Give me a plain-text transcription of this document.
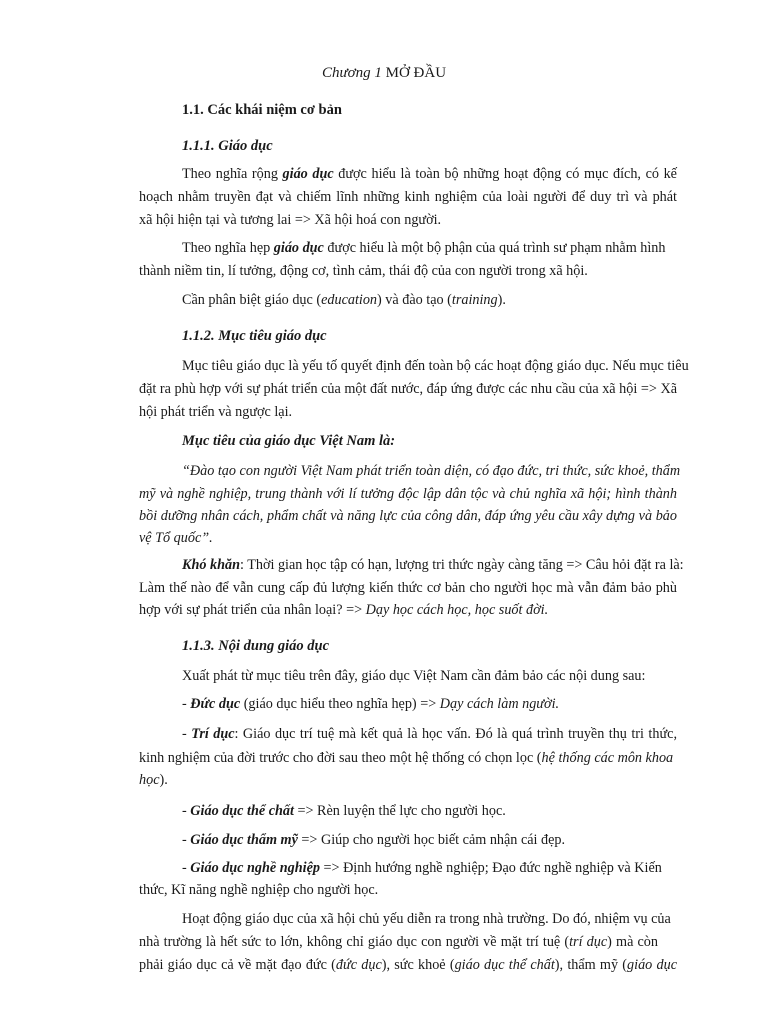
Chương 1 MỞ ĐẦU
1.1. Các khái niệm cơ bản
1.1.1. Giáo dục
Theo nghĩa rộng giáo dục được hiểu là toàn bộ những hoạt động có mục đích, có kế
hoạch nhằm truyền đạt và chiếm lĩnh những kinh nghiệm của loài người để duy trì và phát
xã hội hiện tại và tương lai => Xã hội hoá con người.
Theo nghĩa hẹp giáo dục được hiểu là một bộ phận của quá trình sư phạm nhằm hình
thành niềm tin, lí tưởng, động cơ, tình cảm, thái độ của con người trong xã hội.
Cần phân biệt giáo dục (education) và đào tạo (training).
1.1.2. Mục tiêu giáo dục
Mục tiêu giáo dục là yếu tố quyết định đến toàn bộ các hoạt động giáo dục. Nếu mục tiêu
đặt ra phù hợp với sự phát triển của một đất nước, đáp ứng được các nhu cầu của xã hội => Xã
hội phát triển và ngược lại.
Mục tiêu của giáo dục Việt Nam là:
“Đào tạo con người Việt Nam phát triển toàn diện, có đạo đức, tri thức, sức khoẻ, thẩm
mỹ và nghề nghiệp, trung thành với lí tưởng độc lập dân tộc và chủ nghĩa xã hội; hình thành
bồi dưỡng nhân cách, phẩm chất và năng lực của công dân, đáp ứng yêu cầu xây dựng và bảo
vệ Tổ quốc”.
Khó khăn: Thời gian học tập có hạn, lượng tri thức ngày càng tăng => Câu hỏi đặt ra là:
Làm thế nào để vẫn cung cấp đủ lượng kiến thức cơ bản cho người học mà vẫn đảm bảo phù
hợp với sự phát triển của nhân loại? => Dạy học cách học, học suốt đời.
1.1.3. Nội dung giáo dục
Xuất phát từ mục tiêu trên đây, giáo dục Việt Nam cần đảm bảo các nội dung sau:
- Đức dục (giáo dục hiểu theo nghĩa hẹp) => Dạy cách làm người.
- Trí dục: Giáo dục trí tuệ mà kết quả là học vấn. Đó là quá trình truyền thụ tri thức,
kinh nghiệm của đời trước cho đời sau theo một hệ thống có chọn lọc (hệ thống các môn khoa
học).
- Giáo dục thể chất => Rèn luyện thể lực cho người học.
- Giáo dục thẩm mỹ => Giúp cho người học biết cảm nhận cái đẹp.
- Giáo dục nghề nghiệp => Định hướng nghề nghiệp; Đạo đức nghề nghiệp và Kiến
thức, Kĩ năng nghề nghiệp cho người học.
Hoạt động giáo dục của xã hội chủ yếu diễn ra trong nhà trường. Do đó, nhiệm vụ của
nhà trường là hết sức to lớn, không chỉ giáo dục con người về mặt trí tuệ (trí dục) mà còn
phải giáo dục cả về mặt đạo đức (đức dục), sức khoẻ (giáo dục thể chất), thẩm mỹ (giáo dục
